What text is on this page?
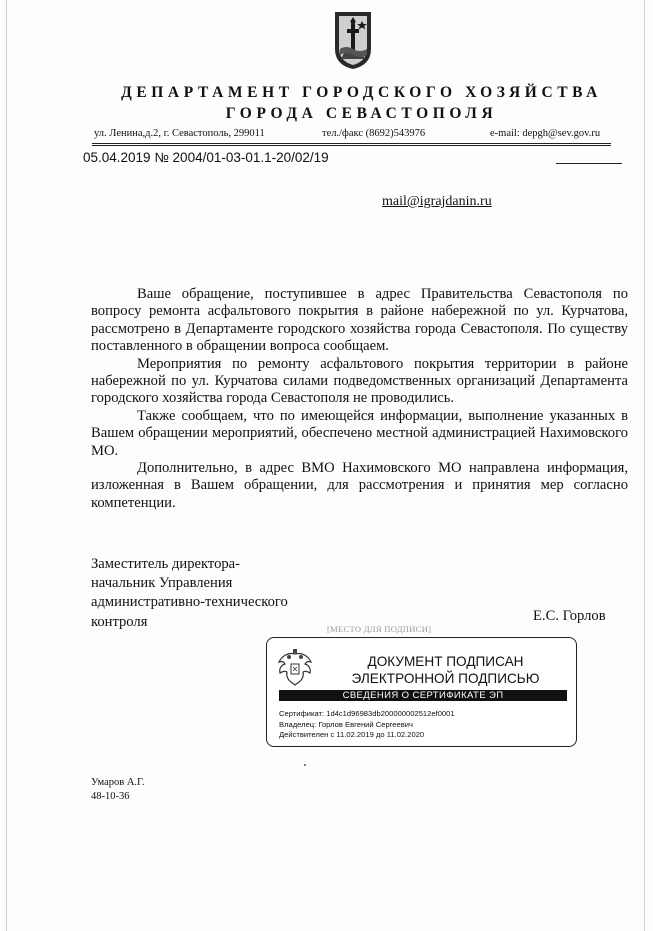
ДЕПАРТАМЕНТ ГОРОДСКОГО ХОЗЯЙСТВА
ГОРОДА СЕВАСТОПОЛЯ
ул. Ленина,д.2, г. Севастополь, 299011	тел./факс (8692)543976	e-mail: depgh@sev.gov.ru
05.04.2019 № 2004/01-03-01.1-20/02/19
mail@igrajdanin.ru

Ваше обращение, поступившее в адрес Правительства Севастополя по вопросу ремонта асфальтового покрытия в районе набережной по ул. Курчатова, рассмотрено в Департаменте городского хозяйства города Севастополя. По существу поставленного в обращении вопроса сообщаем.

Мероприятия по ремонту асфальтового покрытия территории в районе набережной по ул. Курчатова силами подведомственных организаций Департамента городского хозяйства города Севастополя не проводились.

Также сообщаем, что по имеющейся информации, выполнение указанных в Вашем обращении мероприятий, обеспечено местной администрацией Нахимовского МО.

Дополнительно, в адрес ВМО Нахимовского МО направлена информация, изложенная в Вашем обращении, для рассмотрения и принятия мер согласно компетенции.

Заместитель директора-
начальник Управления
административно-технического
контроля	Е.С. Горлов
[МЕСТО ДЛЯ ПОДПИСИ]
ДОКУМЕНТ ПОДПИСАН
ЭЛЕКТРОННОЙ ПОДПИСЬЮ
СВЕДЕНИЯ О СЕРТИФИКАТЕ ЭП
Сертификат: 1d4c1d96983db200000002512ef0001
Владелец: Горлов Евгений Сергеевич
Действителен с 11.02.2019 до 11.02.2020
Умаров А.Г.
48-10-36
